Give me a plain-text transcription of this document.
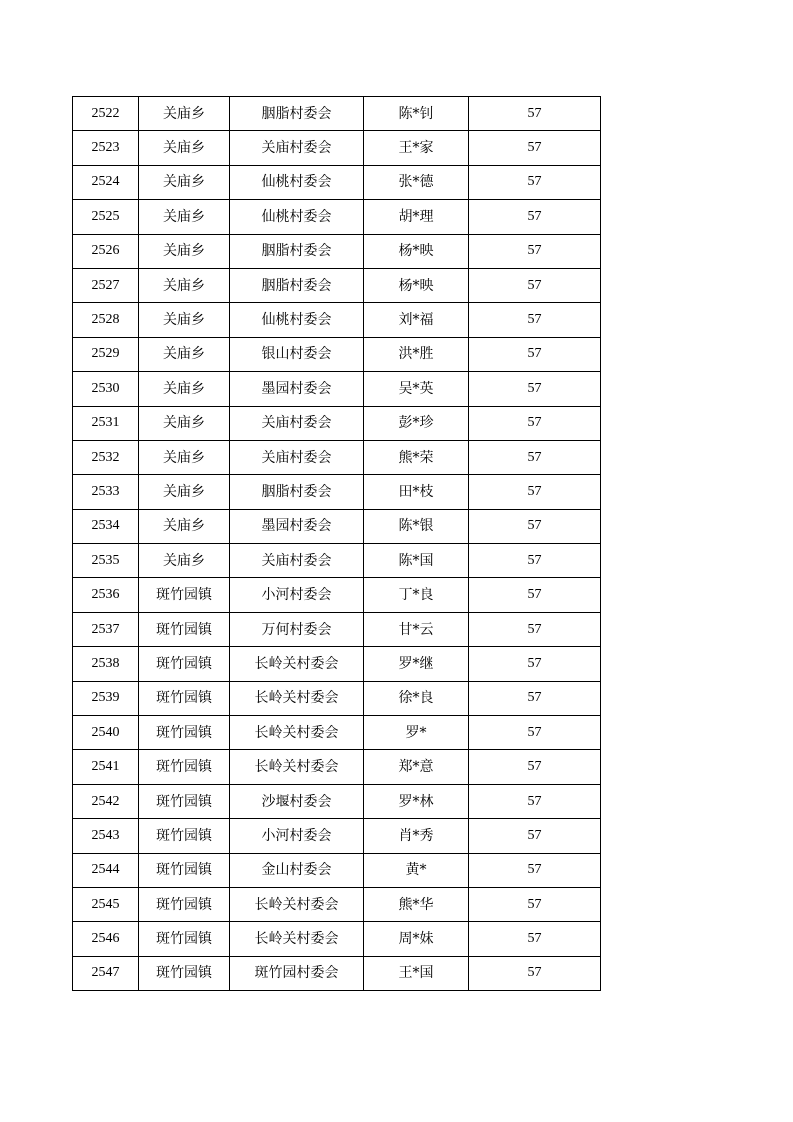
2522	关庙乡	胭脂村委会	陈*钊	57
2523	关庙乡	关庙村委会	王*家	57
2524	关庙乡	仙桃村委会	张*德	57
2525	关庙乡	仙桃村委会	胡*理	57
2526	关庙乡	胭脂村委会	杨*映	57
2527	关庙乡	胭脂村委会	杨*映	57
2528	关庙乡	仙桃村委会	刘*福	57
2529	关庙乡	银山村委会	洪*胜	57
2530	关庙乡	墨园村委会	吴*英	57
2531	关庙乡	关庙村委会	彭*珍	57
2532	关庙乡	关庙村委会	熊*荣	57
2533	关庙乡	胭脂村委会	田*枝	57
2534	关庙乡	墨园村委会	陈*银	57
2535	关庙乡	关庙村委会	陈*国	57
2536	斑竹园镇	小河村委会	丁*良	57
2537	斑竹园镇	万何村委会	甘*云	57
2538	斑竹园镇	长岭关村委会	罗*继	57
2539	斑竹园镇	长岭关村委会	徐*良	57
2540	斑竹园镇	长岭关村委会	罗*	57
2541	斑竹园镇	长岭关村委会	郑*意	57
2542	斑竹园镇	沙堰村委会	罗*林	57
2543	斑竹园镇	小河村委会	肖*秀	57
2544	斑竹园镇	金山村委会	黄*	57
2545	斑竹园镇	长岭关村委会	熊*华	57
2546	斑竹园镇	长岭关村委会	周*妹	57
2547	斑竹园镇	斑竹园村委会	王*国	57
